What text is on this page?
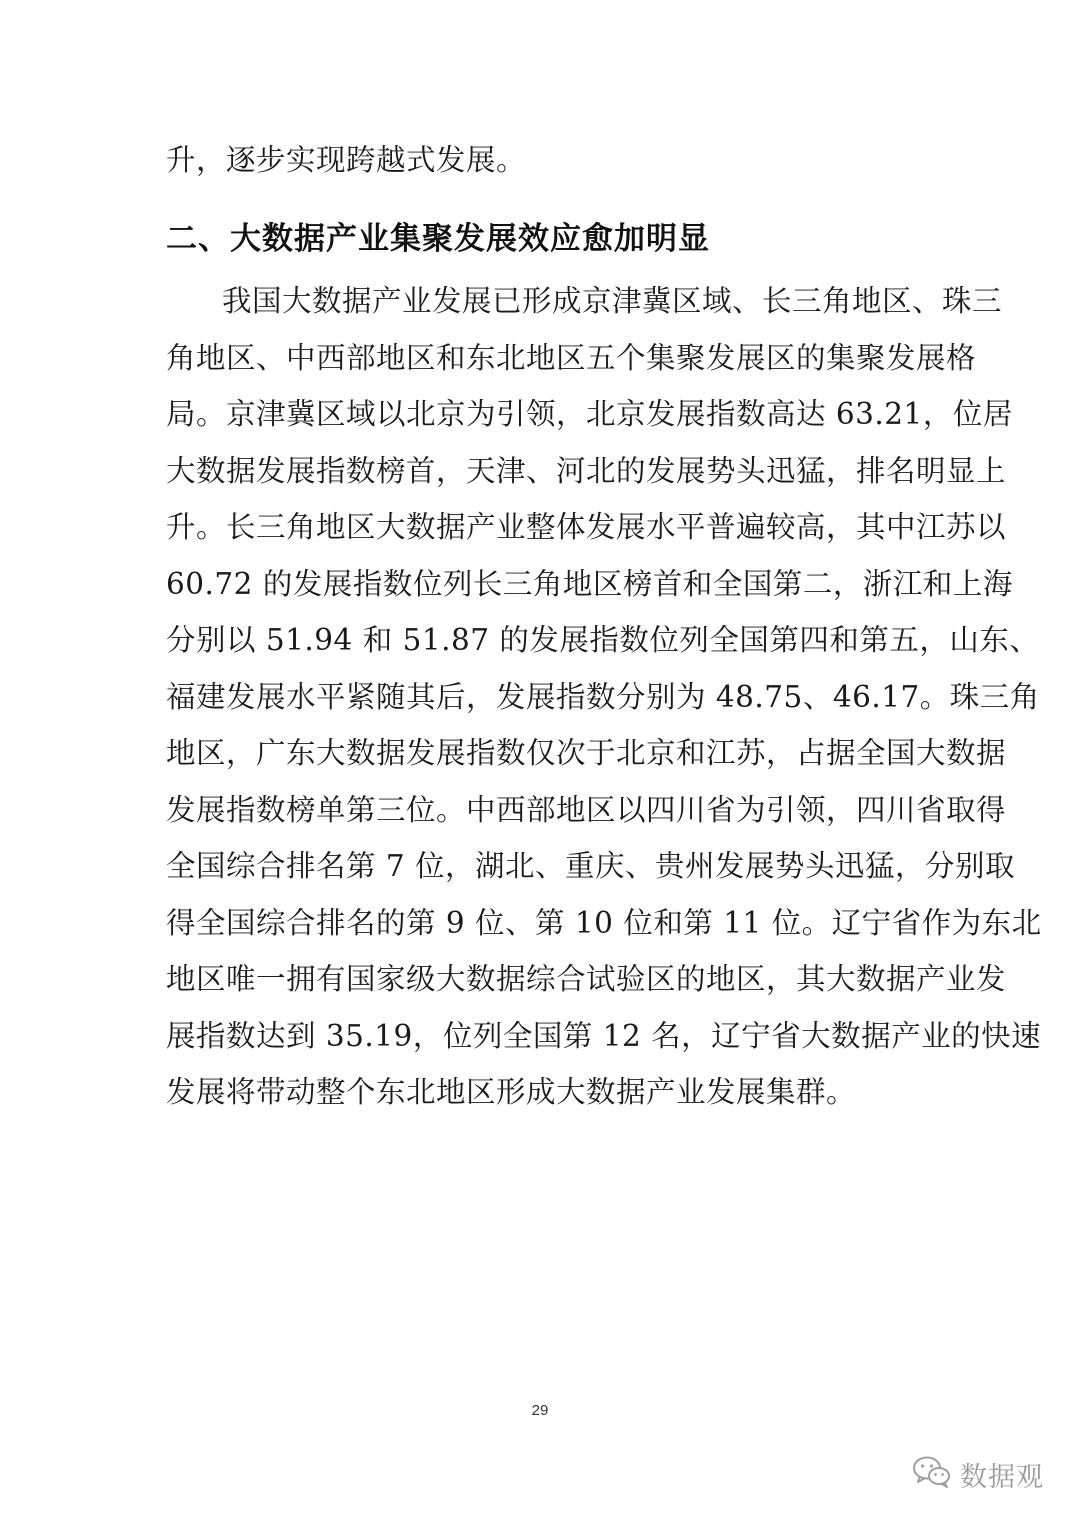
升，逐步实现跨越式发展。
二、大数据产业集聚发展效应愈加明显
我国大数据产业发展已形成京津冀区域、长三角地区、珠三
角地区、中西部地区和东北地区五个集聚发展区的集聚发展格
局。京津冀区域以北京为引领，北京发展指数高达 63.21，位居
大数据发展指数榜首，天津、河北的发展势头迅猛，排名明显上
升。长三角地区大数据产业整体发展水平普遍较高，其中江苏以
60.72 的发展指数位列长三角地区榜首和全国第二，浙江和上海
分别以 51.94 和 51.87 的发展指数位列全国第四和第五，山东、
福建发展水平紧随其后，发展指数分别为 48.75、46.17。珠三角
地区，广东大数据发展指数仅次于北京和江苏，占据全国大数据
发展指数榜单第三位。中西部地区以四川省为引领，四川省取得
全国综合排名第 7 位，湖北、重庆、贵州发展势头迅猛，分别取
得全国综合排名的第 9 位、第 10 位和第 11 位。辽宁省作为东北
地区唯一拥有国家级大数据综合试验区的地区，其大数据产业发
展指数达到 35.19，位列全国第 12 名，辽宁省大数据产业的快速
发展将带动整个东北地区形成大数据产业发展集群。
29
数据观
